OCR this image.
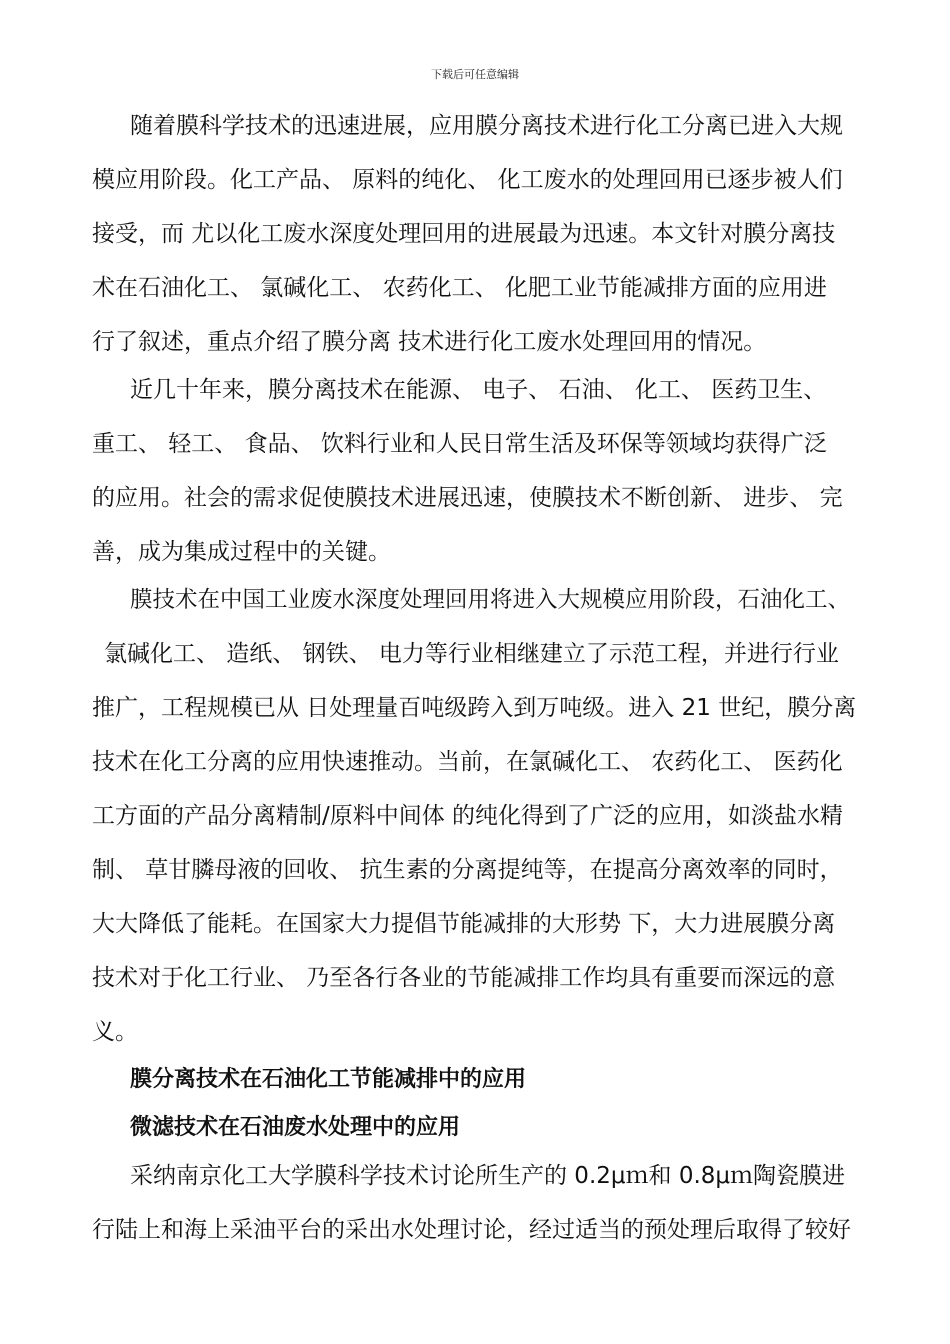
下载后可任意编辑
随着膜科学技术的迅速进展，应用膜分离技术进行化工分离已进入大规
模应用阶段。化工产品、 原料的纯化、 化工废水的处理回用已逐步被人们
接受，而 尤以化工废水深度处理回用的进展最为迅速。本文针对膜分离技
术在石油化工、 氯碱化工、 农药化工、 化肥工业节能减排方面的应用进
行了叙述，重点介绍了膜分离 技术进行化工废水处理回用的情况。
近几十年来，膜分离技术在能源、 电子、 石油、 化工、 医药卫生、
重工、 轻工、 食品、 饮料行业和人民日常生活及环保等领域均获得广泛
的应用。社会的需求促使膜技术进展迅速，使膜技术不断创新、 进步、 完
善，成为集成过程中的关键。
膜技术在中国工业废水深度处理回用将进入大规模应用阶段，石油化工、
氯碱化工、 造纸、 钢铁、 电力等行业相继建立了示范工程，并进行行业
推广，工程规模已从 日处理量百吨级跨入到万吨级。进入 21 世纪，膜分离
技术在化工分离的应用快速推动。当前，在氯碱化工、 农药化工、 医药化
工方面的产品分离精制/原料中间体 的纯化得到了广泛的应用，如淡盐水精
制、 草甘膦母液的回收、 抗生素的分离提纯等，在提高分离效率的同时，
大大降低了能耗。在国家大力提倡节能减排的大形势 下，大力进展膜分离
技术对于化工行业、 乃至各行各业的节能减排工作均具有重要而深远的意
义。
膜分离技术在石油化工节能减排中的应用
微滤技术在石油废水处理中的应用
采纳南京化工大学膜科学技术讨论所生产的 0.2μｍ和 0.8μｍ陶瓷膜进
行陆上和海上采油平台的采出水处理讨论，经过适当的预处理后取得了较好
